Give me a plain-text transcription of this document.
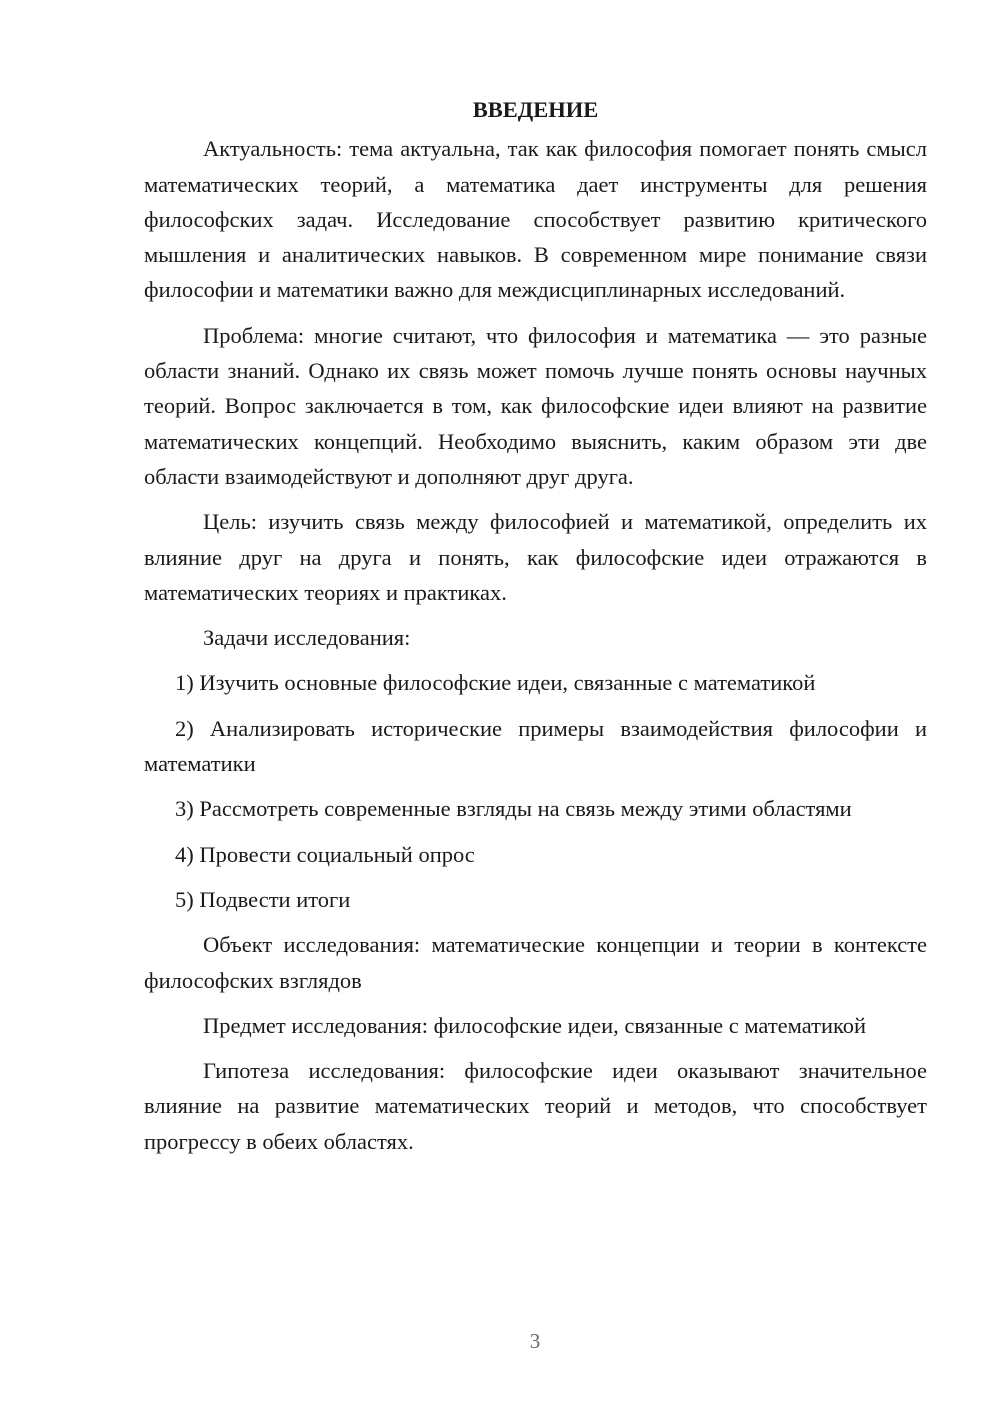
ВВЕДЕНИЕ

Актуальность: тема актуальна, так как философия помогает понять смысл математических теорий, а математика дает инструменты для решения философских задач. Исследование способствует развитию критического мышления и аналитических навыков. В современном мире понимание связи философии и математики важно для междисциплинарных исследований.

Проблема: многие считают, что философия и математика — это разные области знаний. Однако их связь может помочь лучше понять основы научных теорий. Вопрос заключается в том, как философские идеи влияют на развитие математических концепций. Необходимо выяснить, каким образом эти две области взаимодействуют и дополняют друг друга.

Цель: изучить связь между философией и математикой, определить их влияние друг на друга и понять, как философские идеи отражаются в математических теориях и практиках.

Задачи исследования:

1) Изучить основные философские идеи, связанные с математикой

2) Анализировать исторические примеры взаимодействия философии и математики

3) Рассмотреть современные взгляды на связь между этими областями

4) Провести социальный опрос

5) Подвести итоги

Объект исследования: математические концепции и теории в контексте философских взглядов

Предмет исследования: философские идеи, связанные с математикой

Гипотеза исследования: философские идеи оказывают значительное влияние на развитие математических теорий и методов, что способствует прогрессу в обеих областях.

3
